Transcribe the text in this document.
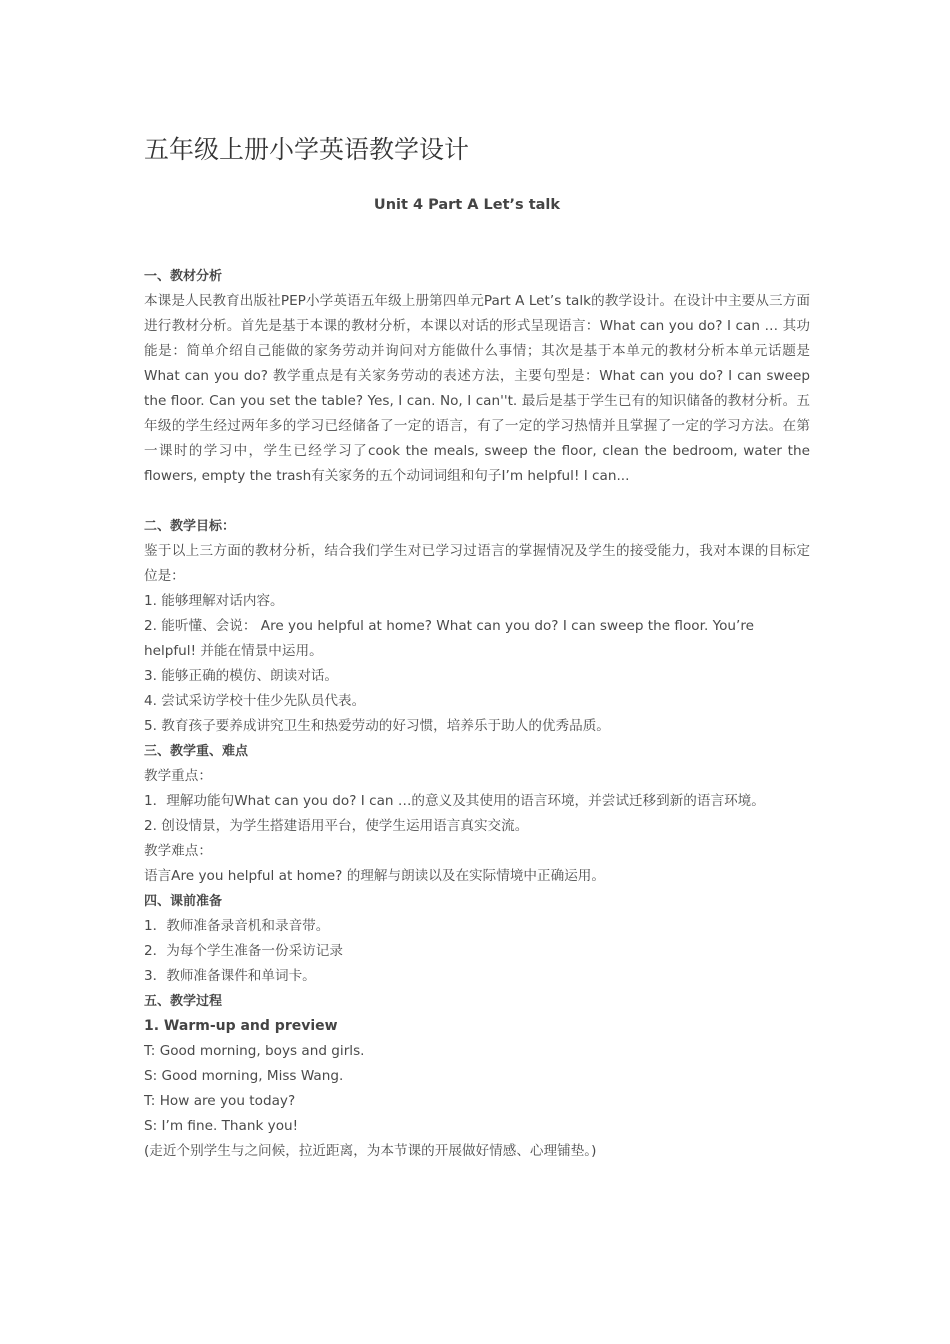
五年级上册小学英语教学设计
Unit 4 Part A Let’s talk
一、教材分析

本课是人民教育出版社PEP小学英语五年级上册第四单元Part A Let’s talk的教学设计。在设计中主要从三方面进行教材分析。首先是基于本课的教材分析，本课以对话的形式呈现语言：What can you do? I can … 其功能是：简单介绍自己能做的家务劳动并询问对方能做什么事情；其次是基于本单元的教材分析本单元话题是What can you do? 教学重点是有关家务劳动的表述方法，主要句型是：What can you do? I can sweep the floor. Can you set the table? Yes, I can. No, I can''t. 最后是基于学生已有的知识储备的教材分析。五年级的学生经过两年多的学习已经储备了一定的语言，有了一定的学习热情并且掌握了一定的学习方法。在第一课时的学习中，学生已经学习了cook the meals, sweep the floor, clean the bedroom, water the flowers, empty the trash有关家务的五个动词词组和句子I’m helpful! I can...

二、教学目标：

鉴于以上三方面的教材分析，结合我们学生对已学习过语言的掌握情况及学生的接受能力，我对本课的目标定位是：

1. 能够理解对话内容。
2. 能听懂、会说： Are you helpful at home? What can you do? I can sweep the floor. You’re helpful! 并能在情景中运用。
3. 能够正确的模仿、朗读对话。
4. 尝试采访学校十佳少先队员代表。
5. 教育孩子要养成讲究卫生和热爱劳动的好习惯，培养乐于助人的优秀品质。
三、教学重、难点
教学重点：
1．理解功能句What can you do? I can …的意义及其使用的语言环境，并尝试迁移到新的语言环境。
2. 创设情景，为学生搭建语用平台，使学生运用语言真实交流。
教学难点：
语言Are you helpful at home? 的理解与朗读以及在实际情境中正确运用。
四、课前准备
1．教师准备录音机和录音带。
2．为每个学生准备一份采访记录
3．教师准备课件和单词卡。
五、教学过程
1. Warm-up and preview
T: Good morning, boys and girls.
S: Good morning, Miss Wang.
T: How are you today?
S: I’m fine. Thank you!
(走近个别学生与之问候，拉近距离，为本节课的开展做好情感、心理铺垫。)
